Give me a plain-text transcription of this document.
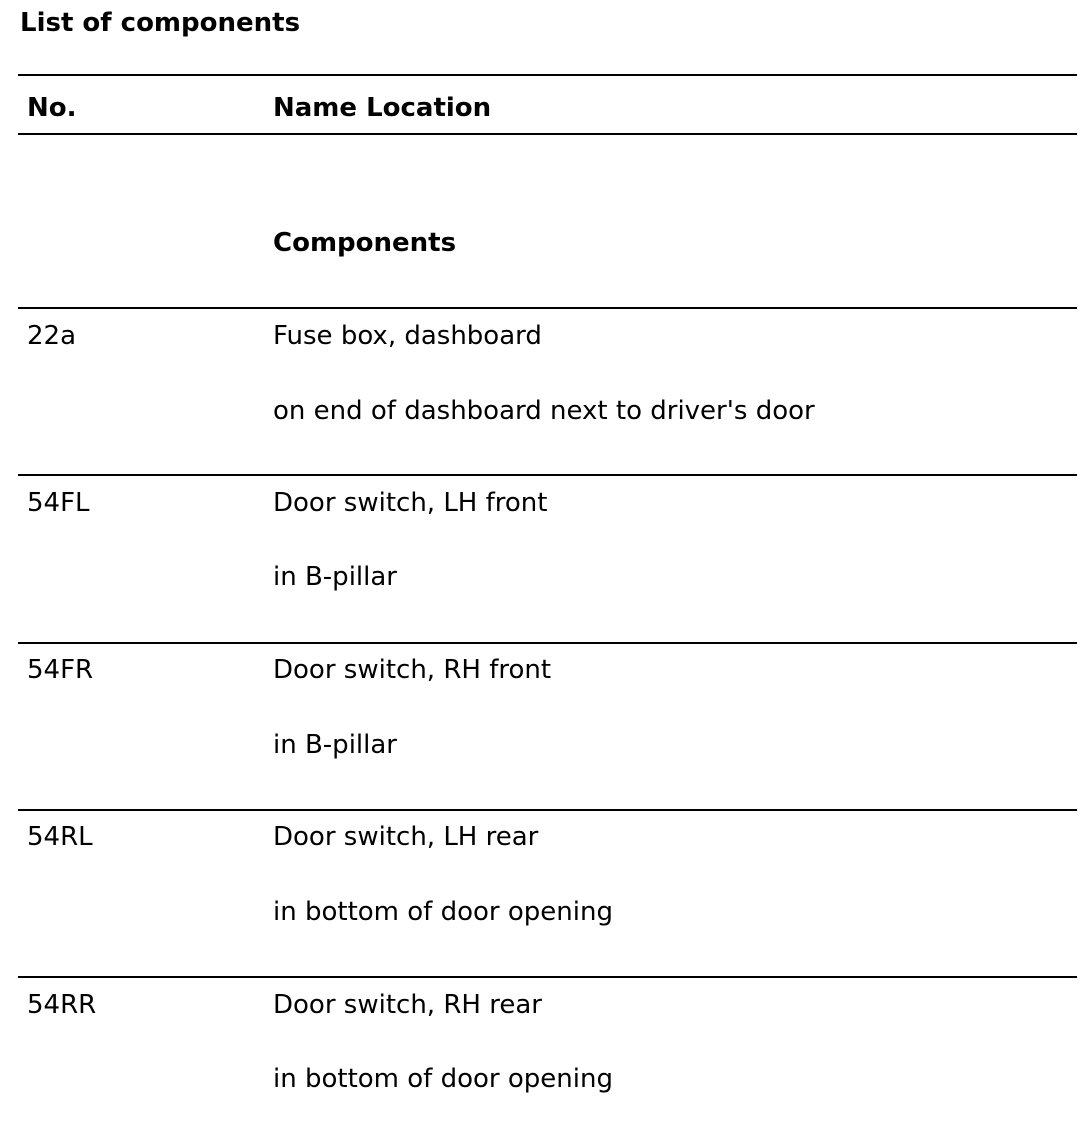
List of components
No.	Name Location
Components
22a	Fuse box, dashboard
on end of dashboard next to driver's door
54FL	Door switch, LH front
in B-pillar
54FR	Door switch, RH front
in B-pillar
54RL	Door switch, LH rear
in bottom of door opening
54RR	Door switch, RH rear
in bottom of door opening
